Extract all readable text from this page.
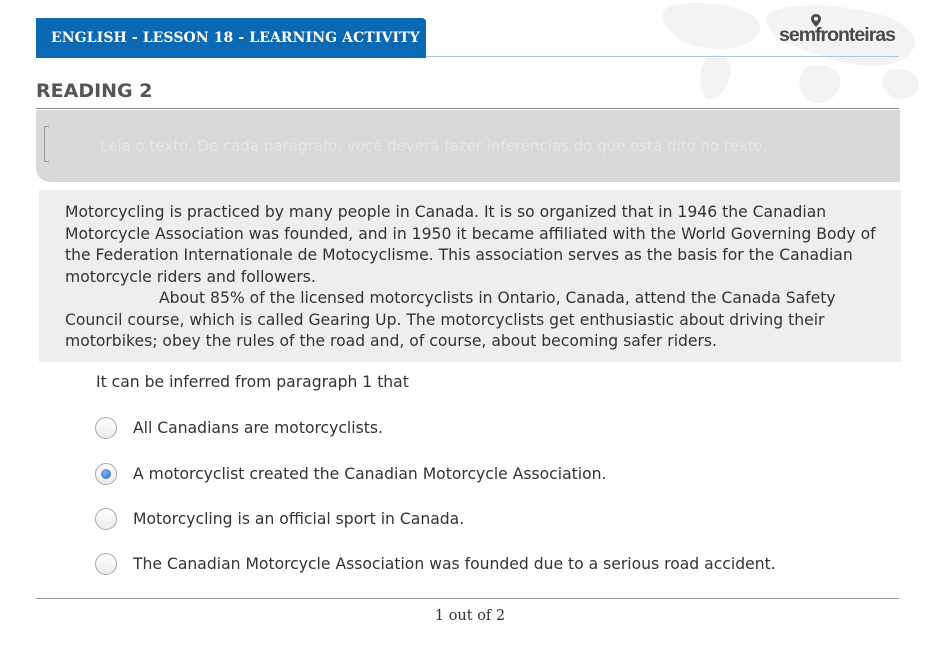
ENGLISH - LESSON 18 - LEARNING ACTIVITY	semfronteiras
READING 2
Leia o texto. De cada parágrafo, você deverá fazer inferências do que está dito no texto.

Motorcycling is practiced by many people in Canada. It is so organized that in 1946 the Canadian Motorcycle Association was founded, and in 1950 it became affiliated with the World Governing Body of the Federation Internationale de Motocyclisme. This association serves as the basis for the Canadian motorcycle riders and followers.

About 85% of the licensed motorcyclists in Ontario, Canada, attend the Canada Safety Council course, which is called Gearing Up. The motorcyclists get enthusiastic about driving their motorbikes; obey the rules of the road and, of course, about becoming safer riders.

It can be inferred from paragraph 1 that
All Canadians are motorcyclists.
A motorcyclist created the Canadian Motorcycle Association.
Motorcycling is an official sport in Canada.
The Canadian Motorcycle Association was founded due to a serious road accident.
1 out of 2
